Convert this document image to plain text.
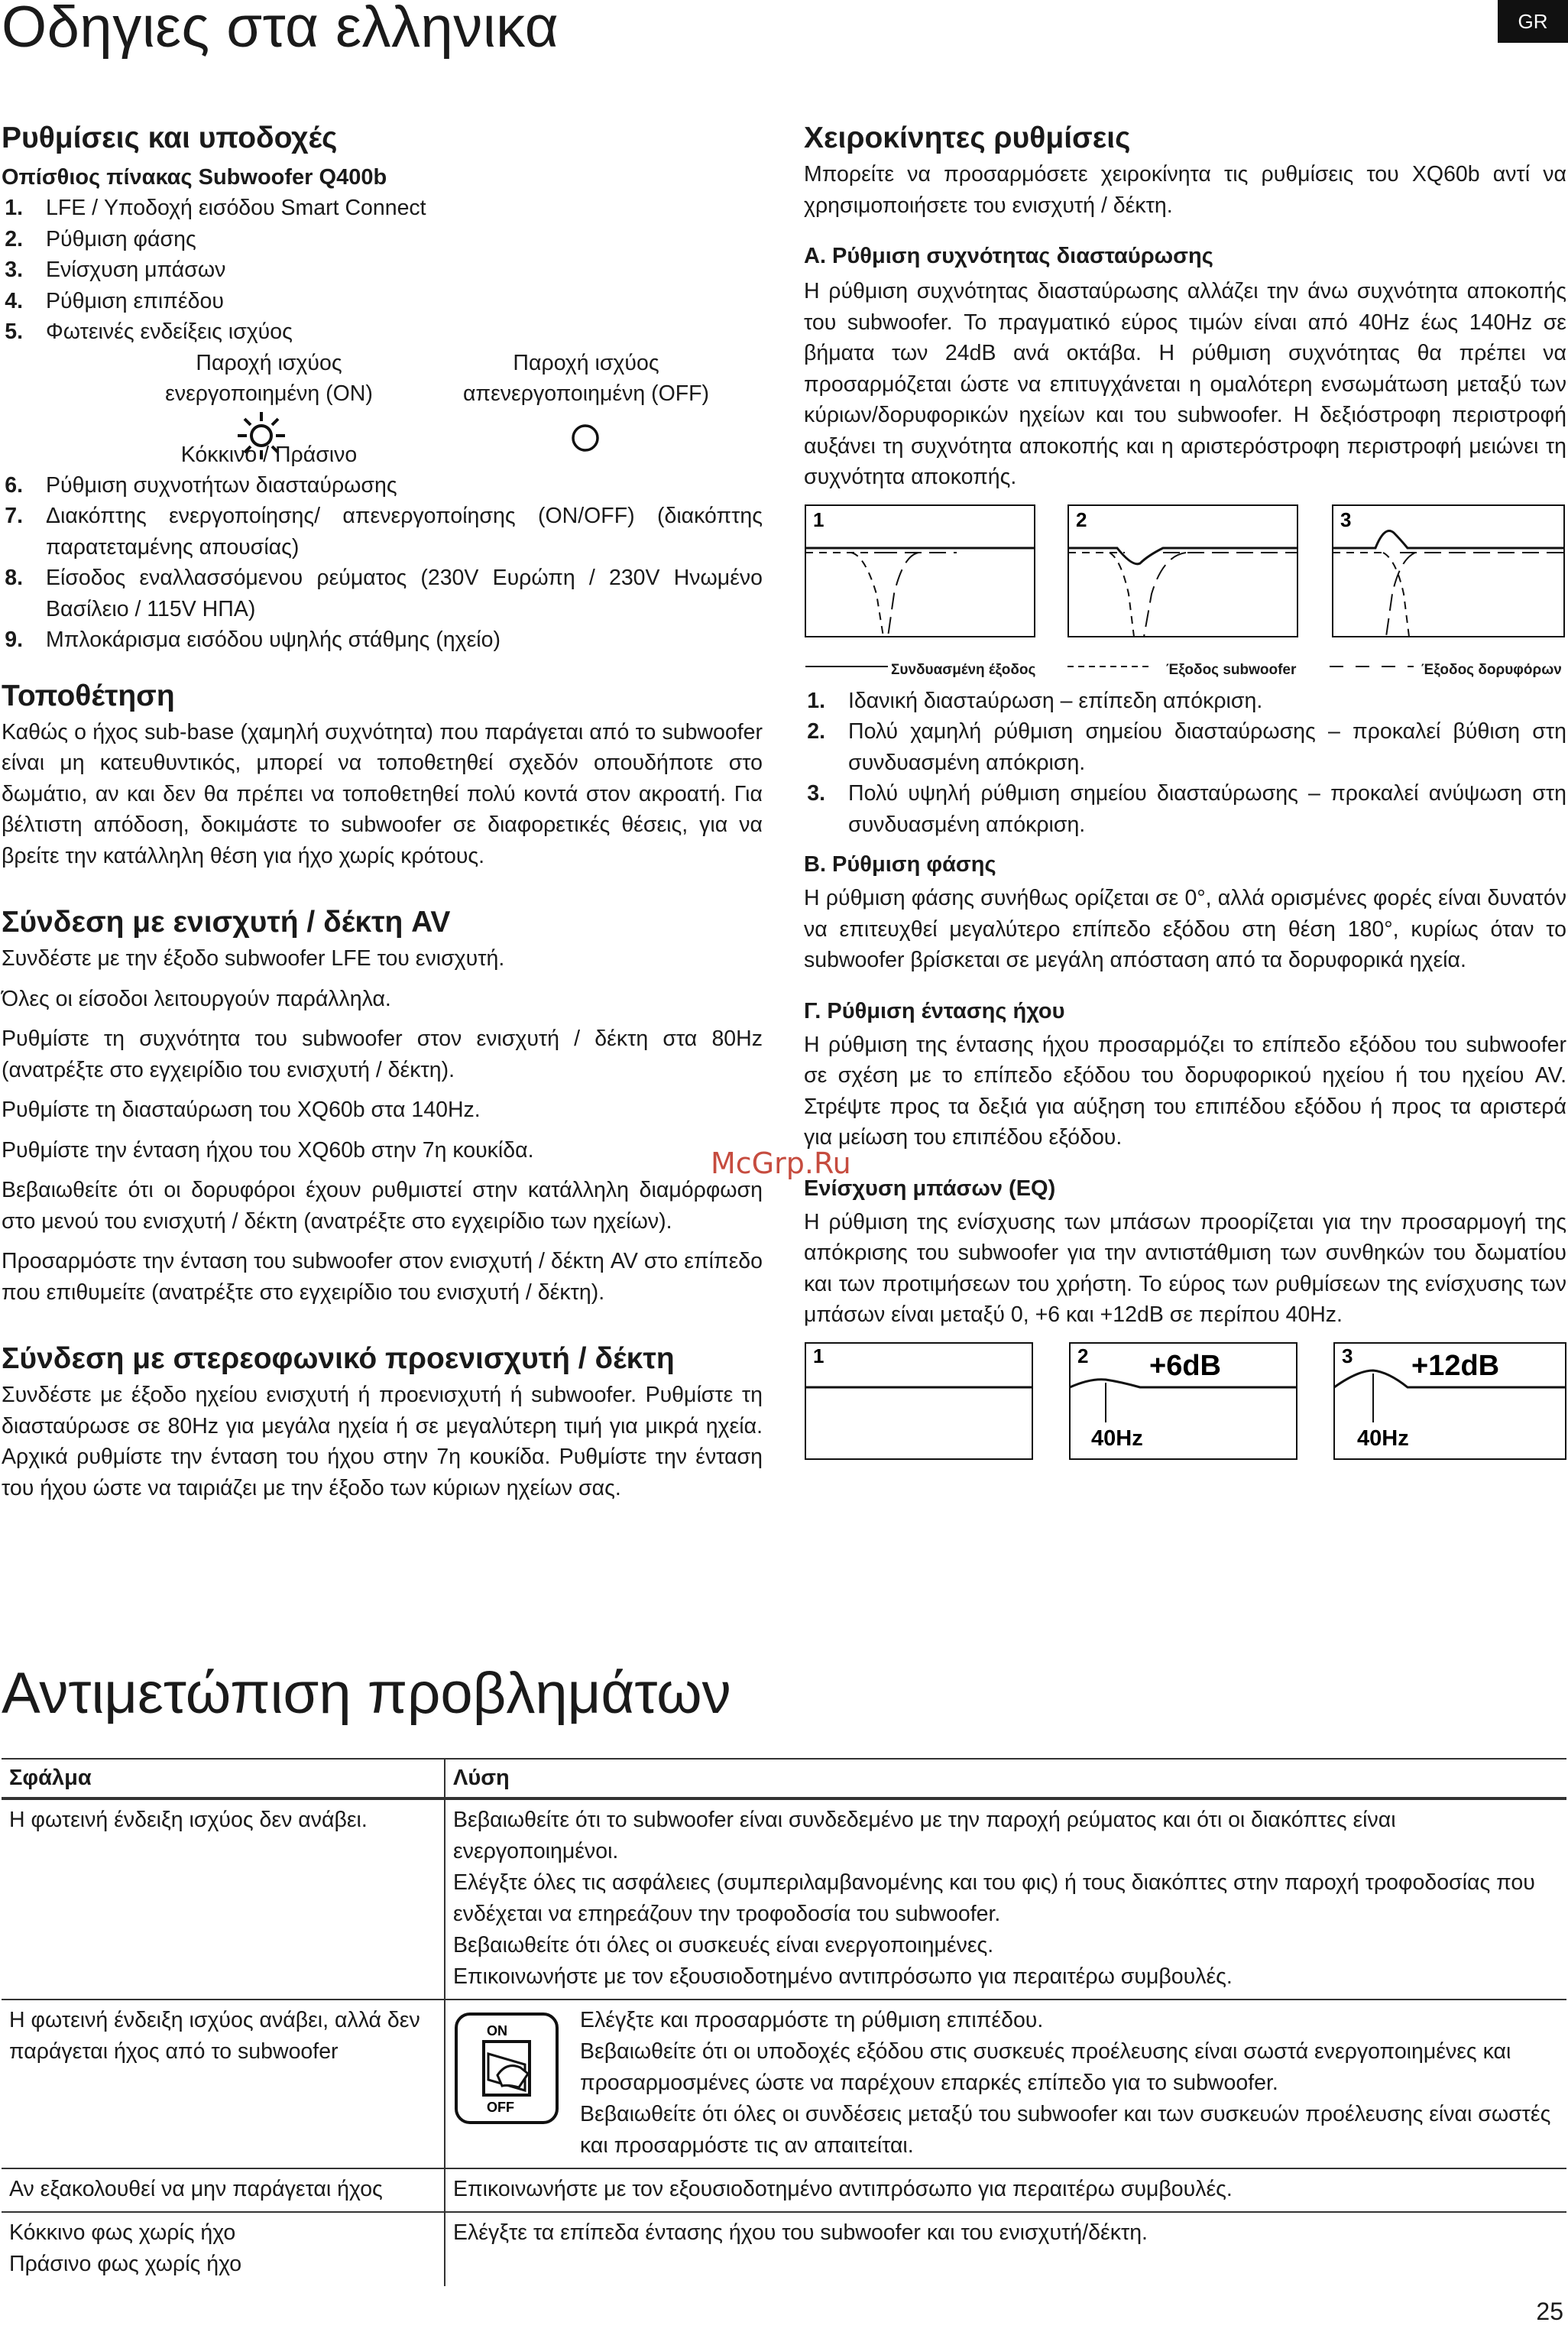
Οδηγιες στα ελληνικα	GR
Ρυθμίσεις και υποδοχές
Οπίσθιος πίνακας Subwoofer Q400b
1.	LFE / Υποδοχή εισόδου Smart Connect
2.	Ρύθμιση φάσης
3.	Ενίσχυση μπάσων
4.	Ρύθμιση επιπέδου
5.	Φωτεινές ενδείξεις ισχύος
Παροχή ισχύος
ενεργοποιημένη (ON)
Παροχή ισχύος
απενεργοποιημένη (OFF)
Κόκκινο / Πράσινο
6.	Ρύθμιση συχνοτήτων διασταύρωσης
7.	Διακόπτης ενεργοποίησης/ απενεργοποίησης (ON/OFF) (διακόπτης παρατεταμένης απουσίας)
8.	Είσοδος εναλλασσόμενου ρεύματος (230V Ευρώπη / 230V Ηνωμένο Βασίλειο / 115V ΗΠΑ)
9.	Μπλοκάρισμα εισόδου υψηλής στάθμης (ηχείο)
Τοποθέτηση

Καθώς ο ήχος sub-base (χαμηλή συχνότητα) που παράγεται από το subwoofer είναι μη κατευθυντικός, μπορεί να τοποθετηθεί σχεδόν οπουδήποτε στο δωμάτιο, αν και δεν θα πρέπει να τοποθετηθεί πολύ κοντά στον ακροατή. Για βέλτιστη απόδοση, δοκιμάστε το subwoofer σε διαφορετικές θέσεις, για να βρείτε την κατάλληλη θέση για ήχο χωρίς κρότους.

Σύνδεση με ενισχυτή / δέκτη AV

Συνδέστε με την έξοδο subwoofer LFE του ενισχυτή.

Όλες οι είσοδοι λειτουργούν παράλληλα.

Ρυθμίστε τη συχνότητα του subwoofer στον ενισχυτή / δέκτη στα 80Hz (ανατρέξτε στο εγχειρίδιο του ενισχυτή / δέκτη).

Ρυθμίστε τη διασταύρωση του XQ60b στα 140Hz.

Ρυθμίστε την ένταση ήχου του XQ60b στην 7η κουκίδα.

Βεβαιωθείτε ότι οι δορυφόροι έχουν ρυθμιστεί στην κατάλληλη διαμόρφωση στο μενού του ενισχυτή / δέκτη (ανατρέξτε στο εγχειρίδιο των ηχείων).

Προσαρμόστε την ένταση του subwoofer στον ενισχυτή / δέκτη AV στο επίπεδο που επιθυμείτε (ανατρέξτε στο εγχειρίδιο του ενισχυτή / δέκτη).

Σύνδεση με στερεοφωνικό προενισχυτή / δέκτη

Συνδέστε με έξοδο ηχείου ενισχυτή ή προενισχυτή ή subwoofer. Ρυθμίστε τη διασταύρωσε σε 80Hz για μεγάλα ηχεία ή σε μεγαλύτερη τιμή για μικρά ηχεία. Αρχικά ρυθμίστε την ένταση του ήχου στην 7η κουκίδα. Ρυθμίστε την ένταση του ήχου ώστε να ταιριάζει με την έξοδο των κύριων ηχείων σας.

Χειροκίνητες ρυθμίσεις

Μπορείτε να προσαρμόσετε χειροκίνητα τις ρυθμίσεις του XQ60b αντί να χρησιμοποιήσετε του ενισχυτή / δέκτη.

Α. Ρύθμιση συχνότητας διασταύρωσης

Η ρύθμιση συχνότητας διασταύρωσης αλλάζει την άνω συχνότητα αποκοπής του subwoofer. Το πραγματικό εύρος τιμών είναι από 40Hz έως 140Hz σε βήματα των 24dB ανά οκτάβα. Η ρύθμιση συχνότητας θα πρέπει να προσαρμόζεται ώστε να επιτυγχάνεται η ομαλότερη ενσωμάτωση μεταξύ των κύριων/δορυφορικών ηχείων και του subwoofer. Η δεξιόστροφη περιστροφή αυξάνει τη συχνότητα αποκοπής και η αριστερόστροφη περιστροφή μειώνει τη συχνότητα αποκοπής.

1	2	3
Συνδυασμένη έξοδος	Έξοδος subwoofer	Έξοδος δορυφόρων
1.	Ιδανική διαστaύρωση – επίπεδη απόκριση.
2.	Πολύ χαμηλή ρύθμιση σημείου διασταύρωσης – προκαλεί βύθιση στη συνδυασμένη απόκριση.
3.	Πολύ υψηλή ρύθμιση σημείου διασταύρωσης – προκαλεί ανύψωση στη συνδυασμένη απόκριση.
Β. Ρύθμιση φάσης

Η ρύθμιση φάσης συνήθως ορίζεται σε 0°, αλλά ορισμένες φορές είναι δυνατόν να επιτευχθεί μεγαλύτερο επίπεδο εξόδου στη θέση 180°, κυρίως όταν το subwoofer βρίσκεται σε μεγάλη απόσταση από τα δορυφορικά ηχεία.

Γ. Ρύθμιση έντασης ήχου

Η ρύθμιση της έντασης ήχου προσαρμόζει το επίπεδο εξόδου του subwoofer σε σχέση με το επίπεδο εξόδου του δορυφορικού ηχείου ή του ηχείου AV. Στρέψτε προς τα δεξιά για αύξηση του επιπέδου εξόδου ή προς τα αριστερά για μείωση του επιπέδου εξόδου.

Ενίσχυση μπάσων (EQ)

Η ρύθμιση της ενίσχυσης των μπάσων προορίζεται για την προσαρμογή της απόκρισης του subwoofer για την αντιστάθμιση των συνθηκών του δωματίου και των προτιμήσεων του χρήστη. Το εύρος των ρυθμίσεων της ενίσχυσης των μπάσων είναι μεταξύ 0, +6 και +12dB σε περίπου 40Hz.

1	2	3
+6dB	+12dB
40Hz	40Hz
McGrp.Ru
Αντιμετώπιση προβλημάτων
Σφάλμα	Λύση
Η φωτεινή ένδειξη ισχύος δεν ανάβει.	Βεβαιωθείτε ότι το subwoofer είναι συνδεδεμένο με την παροχή ρεύματος και ότι οι διακόπτες είναι ενεργοποιημένοι.
Ελέγξτε όλες τις ασφάλειες (συμπεριλαμβανομένης και του φις) ή τους διακόπτες στην παροχή τροφοδοσίας που ενδέχεται να επηρεάζουν την τροφοδοσία του subwoofer.
Βεβαιωθείτε ότι όλες οι συσκευές είναι ενεργοποιημένες.
Επικοινωνήστε με τον εξουσιοδοτημένο αντιπρόσωπο για περαιτέρω συμβουλές.

Η φωτεινή ένδειξη ισχύος ανάβει, αλλά δεν παράγεται ήχος από το subwoofer	ON
OFF
Ελέγξτε και προσαρμόστε τη ρύθμιση επιπέδου.
Βεβαιωθείτε ότι οι υποδοχές εξόδου στις συσκευές προέλευσης είναι σωστά ενεργοποιημένες και προσαρμοσμένες ώστε να παρέχουν επαρκές επίπεδο για το subwoofer.
Βεβαιωθείτε ότι όλες οι συνδέσεις μεταξύ του subwoofer και των συσκευών προέλευσης είναι σωστές και προσαρμόστε τις αν απαιτείται.

Αν εξακολουθεί να μην παράγεται ήχος	Επικοινωνήστε με τον εξουσιοδοτημένο αντιπρόσωπο για περαιτέρω συμβουλές.

Κόκκινο φως χωρίς ήχο
Πράσινο φως χωρίς ήχο	Ελέγξτε τα επίπεδα έντασης ήχου του subwoofer και του ενισχυτή/δέκτη.
25
